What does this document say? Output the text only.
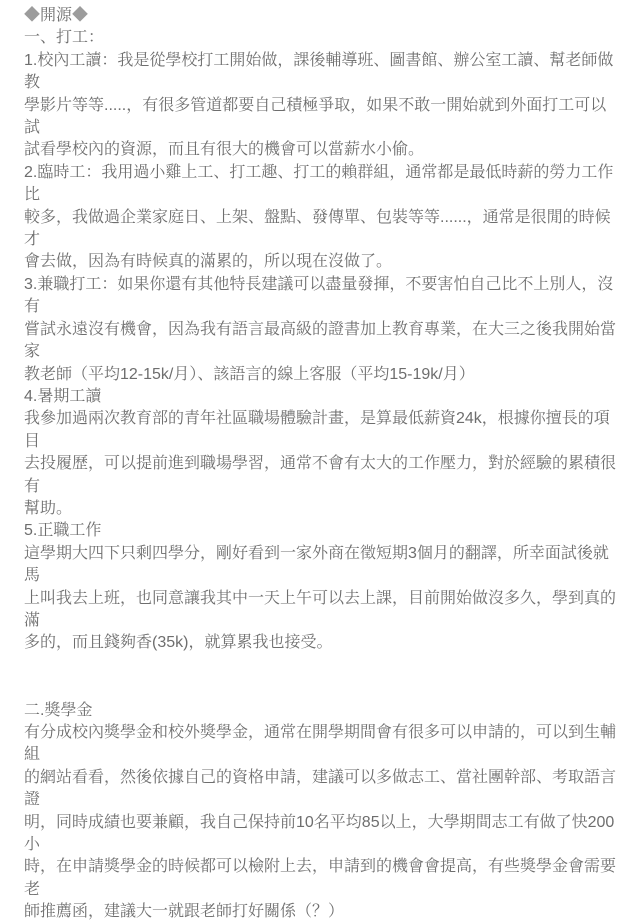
◆開源◆
一、打工：
1.校內工讀：我是從學校打工開始做，課後輔導班、圖書館、辦公室工讀、幫老師做教
學影片等等.....，有很多管道都要自己積極爭取，如果不敢一開始就到外面打工可以試
試看學校內的資源，而且有很大的機會可以當薪水小偷。
2.臨時工：我用過小雞上工、打工趣、打工的賴群組，通常都是最低時薪的勞力工作比
較多，我做過企業家庭日、上架、盤點、發傳單、包裝等等......，通常是很閒的時候才
會去做，因為有時候真的滿累的，所以現在沒做了。
3.兼職打工：如果你還有其他特長建議可以盡量發揮，不要害怕自己比不上別人，沒有
嘗試永遠沒有機會，因為我有語言最高級的證書加上教育專業，在大三之後我開始當家
教老師（平均12-15k/月）、該語言的線上客服（平均15-19k/月）
4.暑期工讀
我參加過兩次教育部的青年社區職場體驗計畫，是算最低薪資24k，根據你擅長的項目
去投履歷，可以提前進到職場學習，通常不會有太大的工作壓力，對於經驗的累積很有
幫助。
5.正職工作
這學期大四下只剩四學分，剛好看到一家外商在徵短期3個月的翻譯，所幸面試後就馬
上叫我去上班，也同意讓我其中一天上午可以去上課，目前開始做沒多久，學到真的滿
多的，而且錢夠香(35k)，就算累我也接受。
二.獎學金
有分成校內獎學金和校外獎學金，通常在開學期間會有很多可以申請的，可以到生輔組
的網站看看，然後依據自己的資格申請，建議可以多做志工、當社團幹部、考取語言證
明，同時成績也要兼顧，我自己保持前10名平均85以上，大學期間志工有做了快200小
時，在申請獎學金的時候都可以檢附上去，申請到的機會會提高，有些獎學金會需要老
師推薦函，建議大一就跟老師打好關係（？）
